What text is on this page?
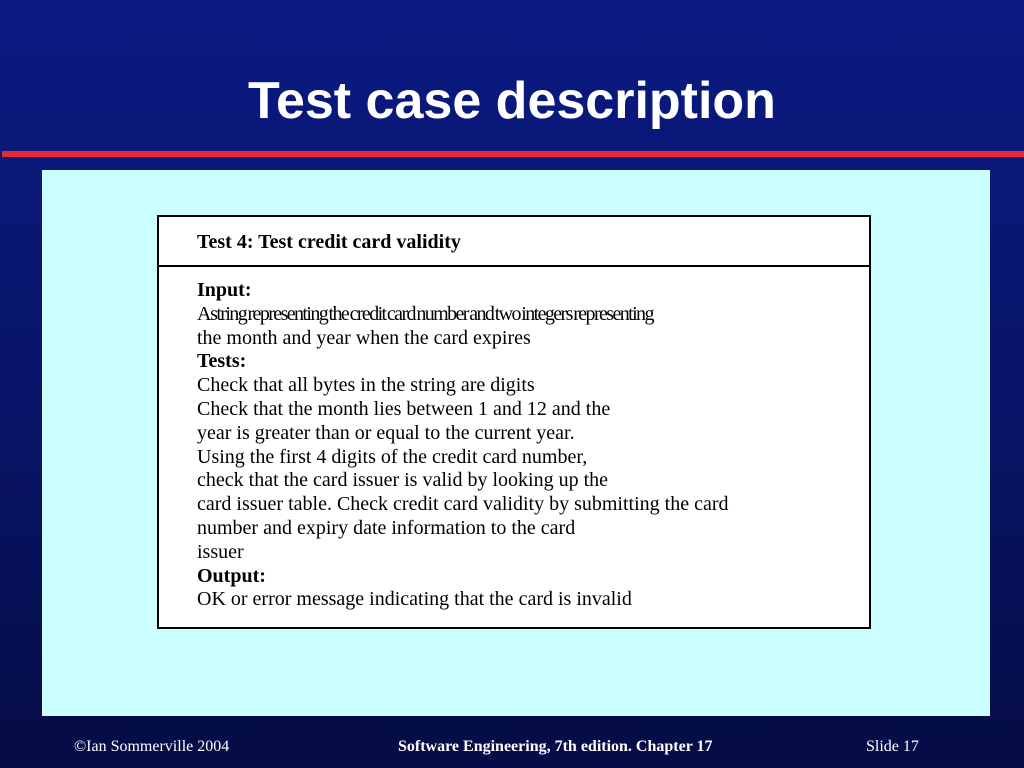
Test case description
Test 4: Test credit card validity

Input:

A string representing the credit card number and two integers representing

the month and year when the card expires

Tests:

Check that all bytes in the string are digits

Check that the month lies between 1 and 12 and the

year is greater than or equal to the current year.

Using the first 4 digits of the credit card number,

check that the card issuer is valid by looking up the

card issuer table. Check credit card validity by submitting the card

number and expiry date information to the card

issuer

Output:

OK or error message indicating that the card is invalid

©Ian Sommerville 2004	Software Engineering, 7th edition. Chapter 17	Slide 17
